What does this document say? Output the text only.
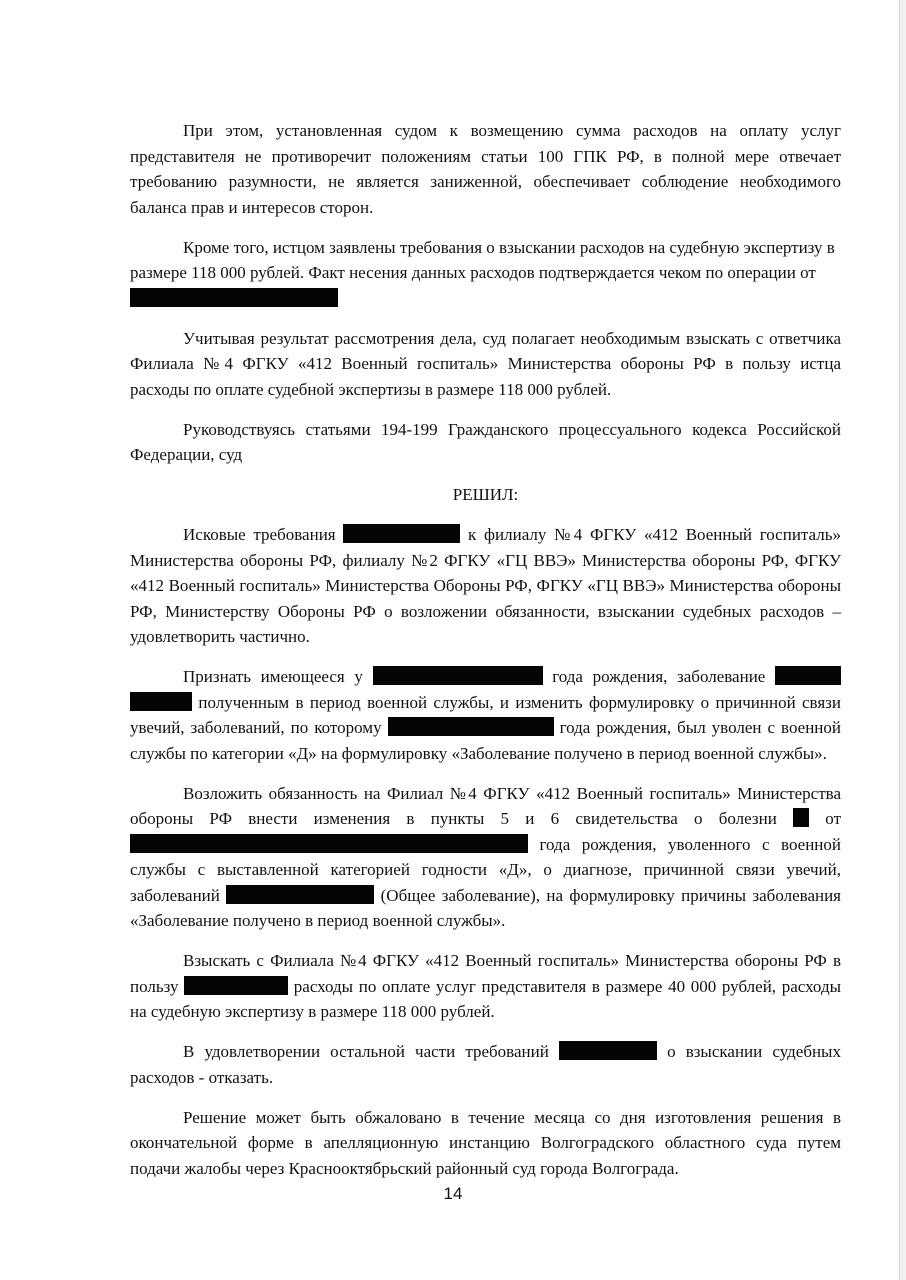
При этом, установленная судом к возмещению сумма расходов на оплату услуг представителя не противоречит положениям статьи 100 ГПК РФ, в полной мере отвечает требованию разумности, не является заниженной, обеспечивает соблюдение необходимого баланса прав и интересов сторон.

Кроме того, истцом заявлены требования о взыскании расходов на судебную экспертизу в размере 118 000 рублей. Факт несения данных расходов подтверждается чеком по операции от

Учитывая результат рассмотрения дела, суд полагает необходимым взыскать с ответчика Филиала №4 ФГКУ «412 Военный госпиталь» Министерства обороны РФ в пользу истца расходы по оплате судебной экспертизы в размере 118 000 рублей.

Руководствуясь статьями 194-199 Гражданского процессуального кодекса Российской Федерации, суд

РЕШИЛ:

Исковые требования	к филиалу №4 ФГКУ «412 Военный госпиталь» Министерства обороны РФ, филиалу №2 ФГКУ «ГЦ ВВЭ» Министерства обороны РФ, ФГКУ «412 Военный госпиталь» Министерства Обороны РФ, ФГКУ «ГЦ ВВЭ» Министерства обороны РФ, Министерству Обороны РФ о возложении обязанности, взыскании судебных расходов – удовлетворить частично.

Признать имеющееся у	года рождения, заболевание   полученным в период военной службы, и изменить формулировку о причинной связи увечий, заболеваний, по которому	года рождения, был уволен с военной службы по категории «Д» на формулировку «Заболевание получено в период военной службы».

Возложить обязанность на Филиал №4 ФГКУ «412 Военный госпиталь» Министерства обороны РФ внести изменения в пункты 5 и 6 свидетельства о болезни  от  года рождения, уволенного с военной службы с выставленной категорией годности «Д», о диагнозе, причинной связи увечий, заболеваний	(Общее заболевание), на формулировку причины заболевания «Заболевание получено в период военной службы».

Взыскать с Филиала №4 ФГКУ «412 Военный госпиталь» Министерства обороны РФ в пользу	расходы по оплате услуг представителя в размере 40 000 рублей, расходы на судебную экспертизу в размере 118 000 рублей.

В удовлетворении остальной части требований	о взыскании судебных расходов - отказать.

Решение может быть обжаловано в течение месяца со дня изготовления решения в окончательной форме в апелляционную инстанцию Волгоградского областного суда путем подачи жалобы через Краснооктябрьский районный суд города Волгограда.

14
